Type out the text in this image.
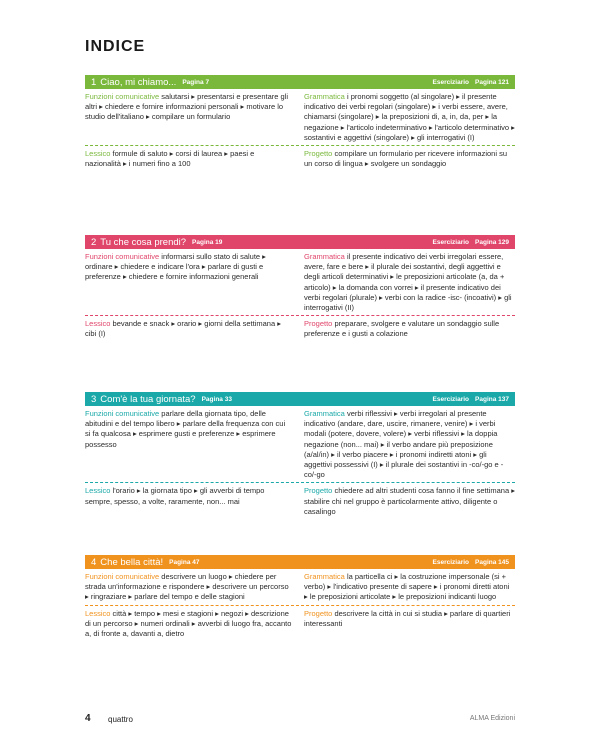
INDICE
1 Ciao, mi chiamo... Pagina 7	Eserciziario Pagina 121
Funzioni comunicative salutarsi ▸ presentarsi e presentare gli altri ▸ chiedere e fornire informazioni personali ▸ motivare lo studio dell'italiano ▸ compilare un formulario
Grammatica i pronomi soggetto (al singolare) ▸ il presente indicativo dei verbi regolari (singolare) ▸ i verbi essere, avere, chiamarsi (singolare) ▸ la preposizioni di, a, in, da, per ▸ la negazione ▸ l'articolo indeterminativo ▸ l'articolo determinativo ▸ sostantivi e aggettivi (singolare) ▸ gli interrogativi (I)
Lessico formule di saluto ▸ corsi di laurea ▸ paesi e nazionalità ▸ i numeri fino a 100
Progetto compilare un formulario per ricevere informazioni su un corso di lingua ▸ svolgere un sondaggio
2 Tu che cosa prendi? Pagina 19	Eserciziario Pagina 129
Funzioni comunicative informarsi sullo stato di salute ▸ ordinare ▸ chiedere e indicare l'ora ▸ parlare di gusti e preferenze ▸ chiedere e fornire informazioni generali
Grammatica il presente indicativo dei verbi irregolari essere, avere, fare e bere ▸ il plurale dei sostantivi, degli aggettivi e degli articoli determinativi ▸ le preposizioni articolate (a, da + articolo) ▸ la domanda con vorrei ▸ il presente indicativo dei verbi regolari (plurale) ▸ verbi con la radice -isc- (incoativi) ▸ gli interrogativi (II)
Lessico bevande e snack ▸ orario ▸ giorni della settimana ▸ cibi (I)
Progetto preparare, svolgere e valutare un sondaggio sulle preferenze e i gusti a colazione
3 Com'è la tua giornata? Pagina 33	Eserciziario Pagina 137
Funzioni comunicative parlare della giornata tipo, delle abitudini e del tempo libero ▸ parlare della frequenza con cui si fa qualcosa ▸ esprimere gusti e preferenze ▸ esprimere possesso
Grammatica verbi riflessivi ▸ verbi irregolari al presente indicativo (andare, dare, uscire, rimanere, venire) ▸ i verbi modali (potere, dovere, volere) ▸ verbi riflessivi ▸ la doppia negazione (non... mai) ▸ il verbo andare più preposizione (a/al/in) ▸ il verbo piacere ▸ i pronomi indiretti atoni ▸ gli aggettivi possessivi (I) ▸ il plurale dei sostantivi in -co/-go e -co/-go
Lessico l'orario ▸ la giornata tipo ▸ gli avverbi di tempo sempre, spesso, a volte, raramente, non... mai
Progetto chiedere ad altri studenti cosa fanno il fine settimana ▸ stabilire chi nel gruppo è particolarmente attivo, diligente o casalingo
4 Che bella città! Pagina 47	Eserciziario Pagina 145
Funzioni comunicative descrivere un luogo ▸ chiedere per strada un'informazione e rispondere ▸ descrivere un percorso ▸ ringraziare ▸ parlare del tempo e delle stagioni
Grammatica la particella ci ▸ la costruzione impersonale (si + verbo) ▸ l'indicativo presente di sapere ▸ i pronomi diretti atoni ▸ le preposizioni articolate ▸ le preposizioni indicanti luogo
Lessico città ▸ tempo ▸ mesi e stagioni ▸ negozi ▸ descrizione di un percorso ▸ numeri ordinali ▸ avverbi di luogo fra, accanto a, di fronte a, davanti a, dietro
Progetto descrivere la città in cui si studia ▸ parlare di quartieri interessanti
4 quattro	ALMA Edizioni
